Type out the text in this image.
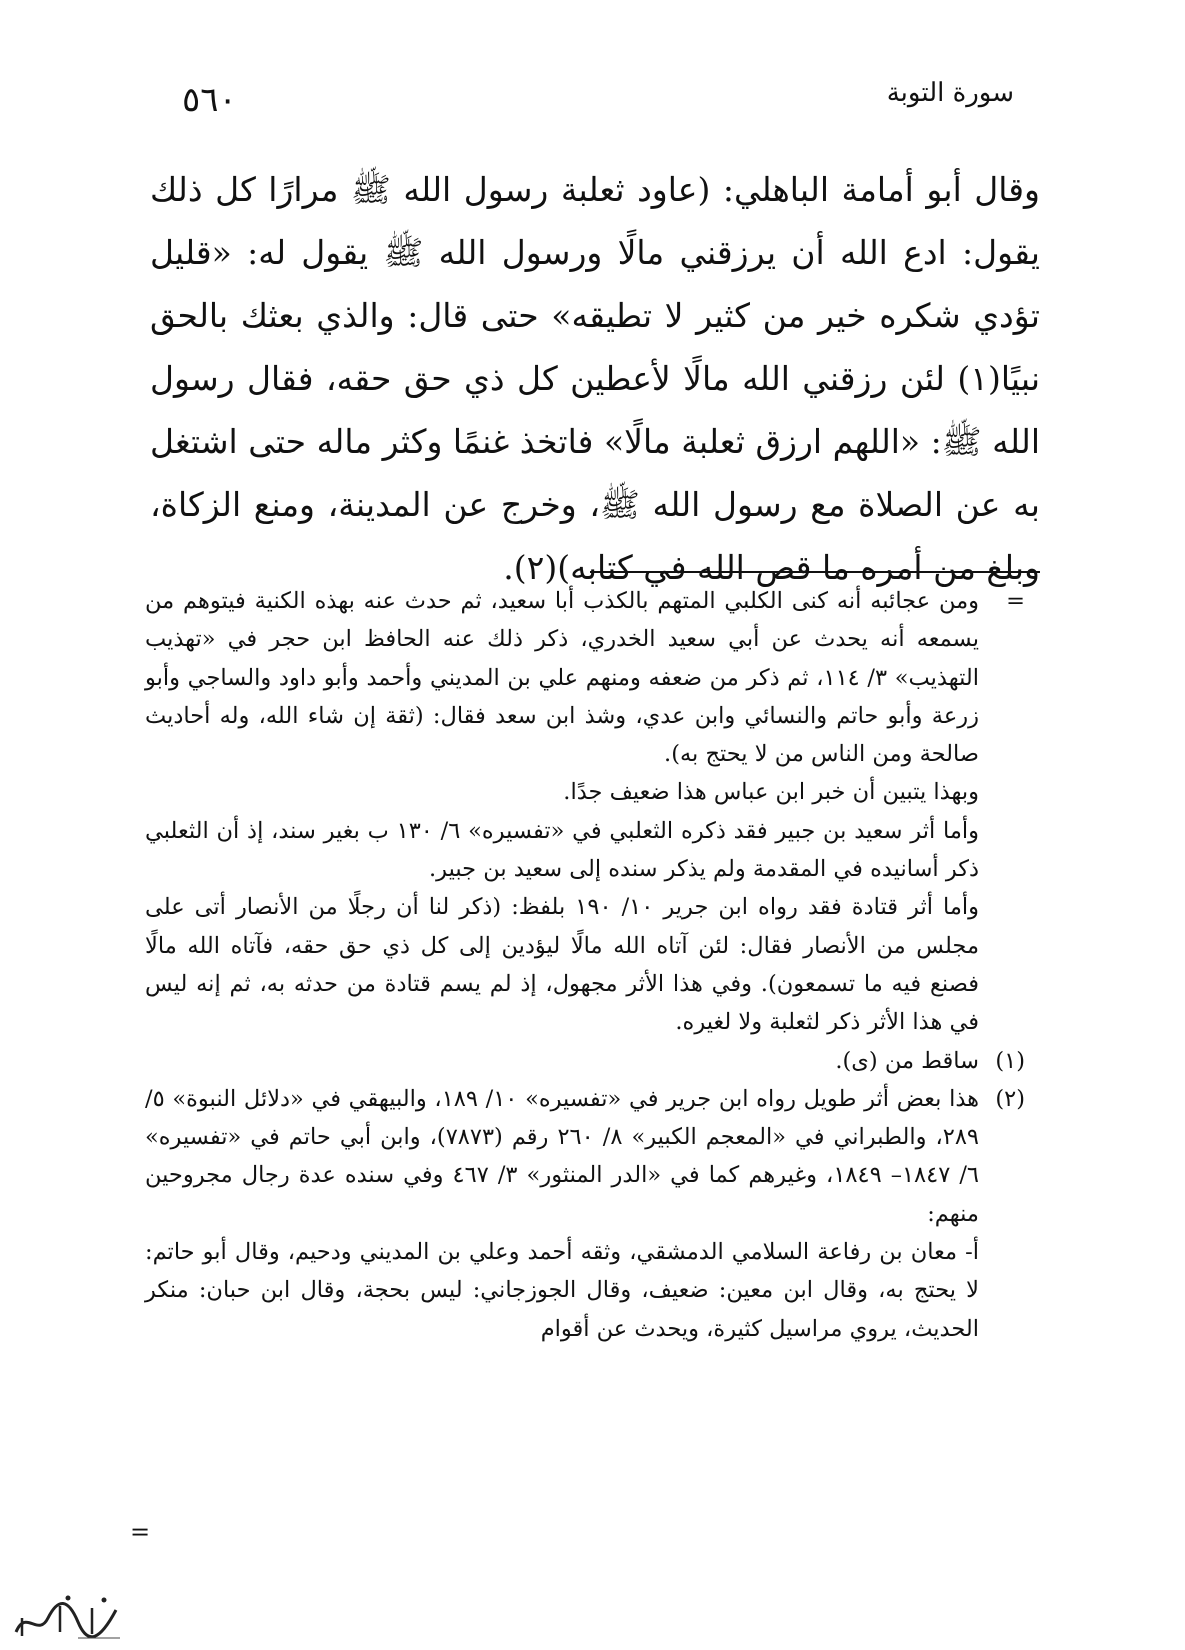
٥٦٠	سورة التوبة

وقال أبو أمامة الباهلي: (عاود ثعلبة رسول الله ﷺ مرارًا كل ذلك يقول: ادع الله أن يرزقني مالًا ورسول الله ﷺ يقول له: «قليل تؤدي شكره خير من كثير لا تطيقه» حتى قال: والذي بعثك بالحق نبيًا(١) لئن رزقني الله مالًا لأعطين كل ذي حق حقه، فقال رسول الله ﷺ: «اللهم ارزق ثعلبة مالًا» فاتخذ غنمًا وكثر ماله حتى اشتغل به عن الصلاة مع رسول الله ﷺ، وخرج عن المدينة، ومنع الزكاة، وبلغ من أمره ما قص الله في كتابه)(٢).

=
ومن عجائبه أنه كنى الكلبي المتهم بالكذب أبا سعيد، ثم حدث عنه بهذه الكنية فيتوهم من يسمعه أنه يحدث عن أبي سعيد الخدري، ذكر ذلك عنه الحافظ ابن حجر في «تهذيب التهذيب» ٣/ ١١٤، ثم ذكر من ضعفه ومنهم علي بن المديني وأحمد وأبو داود والساجي وأبو زرعة وأبو حاتم والنسائي وابن عدي، وشذ ابن سعد فقال: (ثقة إن شاء الله، وله أحاديث صالحة ومن الناس من لا يحتج به).

وبهذا يتبين أن خبر ابن عباس هذا ضعيف جدًا.

وأما أثر سعيد بن جبير فقد ذكره الثعلبي في «تفسيره» ٦/ ١٣٠ ب بغير سند، إذ أن الثعلبي ذكر أسانيده في المقدمة ولم يذكر سنده إلى سعيد بن جبير.

وأما أثر قتادة فقد رواه ابن جرير ١٠/ ١٩٠ بلفظ: (ذكر لنا أن رجلًا من الأنصار أتى على مجلس من الأنصار فقال: لئن آتاه الله مالًا ليؤدين إلى كل ذي حق حقه، فآتاه الله مالًا فصنع فيه ما تسمعون). وفي هذا الأثر مجهول، إذ لم يسم قتادة من حدثه به، ثم إنه ليس في هذا الأثر ذكر لثعلبة ولا لغيره.

(١)
ساقط من (ى).

(٢)
هذا بعض أثر طويل رواه ابن جرير في «تفسيره» ١٠/ ١٨٩، والبيهقي في «دلائل النبوة» ٥/ ٢٨٩، والطبراني في «المعجم الكبير» ٨/ ٢٦٠ رقم (٧٨٧٣)، وابن أبي حاتم في «تفسيره» ٦/ ١٨٤٧– ١٨٤٩، وغيرهم كما في «الدر المنثور» ٣/ ٤٦٧ وفي سنده عدة رجال مجروحين منهم:

أ- معان بن رفاعة السلامي الدمشقي، وثقه أحمد وعلي بن المديني ودحيم، وقال أبو حاتم: لا يحتج به، وقال ابن معين: ضعيف، وقال الجوزجاني: ليس بحجة، وقال ابن حبان: منكر الحديث، يروي مراسيل كثيرة، ويحدث عن أقوام

=
